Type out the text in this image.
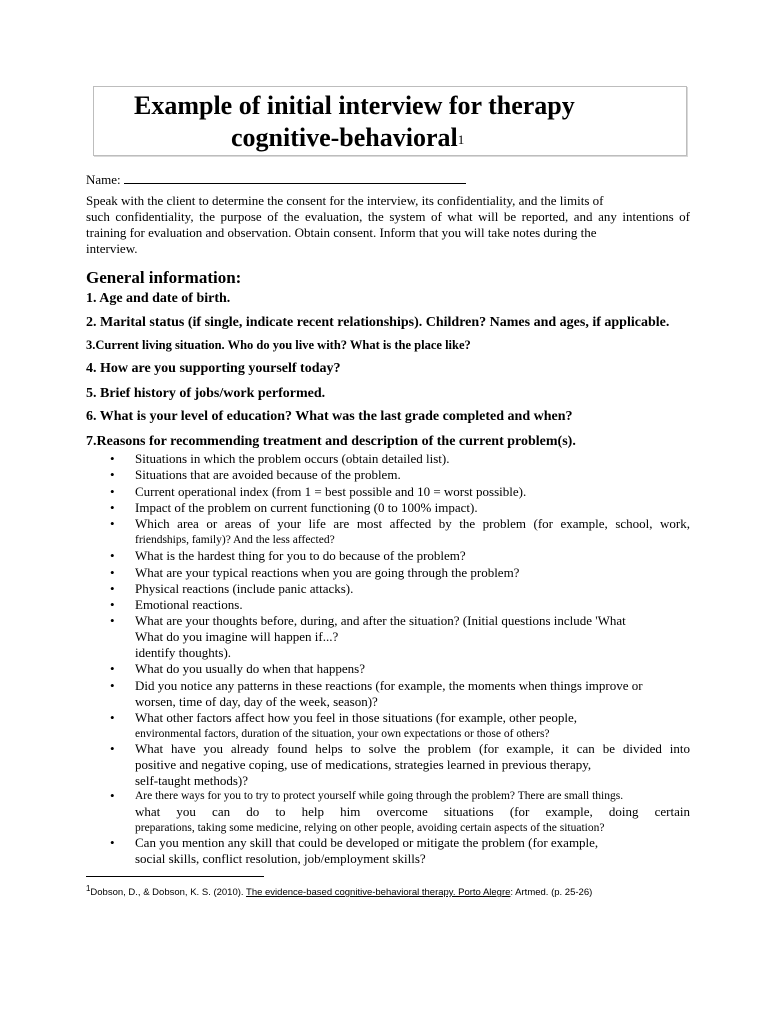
Example of initial interview for therapy
cognitive-behavioral$^1$
Name:
Speak with the client to determine the consent for the interview, its confidentiality, and the limits of
such confidentiality, the purpose of the evaluation, the system of what will be reported, and any intentions of
training for evaluation and observation. Obtain consent. Inform that you will take notes during the
interview.
General information:
1. Age and date of birth.
2. Marital status (if single, indicate recent relationships). Children? Names and ages, if applicable.
3.Current living situation. Who do you live with? What is the place like?
4. How are you supporting yourself today?
5. Brief history of jobs/work performed.
6. What is your level of education? What was the last grade completed and when?
7.Reasons for recommending treatment and description of the current problem(s).
• Situations in which the problem occurs (obtain detailed list).
• Situations that are avoided because of the problem.
• Current operational index (from 1 = best possible and 10 = worst possible).
• Impact of the problem on current functioning (0 to 100% impact).
• Which area or areas of your life are most affected by the problem (for example, school, work,
friendships, family)? And the less affected?
• What is the hardest thing for you to do because of the problem?
• What are your typical reactions when you are going through the problem?
• Physical reactions (include panic attacks).
• Emotional reactions.
• What are your thoughts before, during, and after the situation? (Initial questions include 'What
What do you imagine will happen if...?
identify thoughts).
• What do you usually do when that happens?
• Did you notice any patterns in these reactions (for example, the moments when things improve or
worsen, time of day, day of the week, season)?
• What other factors affect how you feel in those situations (for example, other people,
environmental factors, duration of the situation, your own expectations or those of others?
• What have you already found helps to solve the problem (for example, it can be divided into
positive and negative coping, use of medications, strategies learned in previous therapy,
self-taught methods)?
• Are there ways for you to try to protect yourself while going through the problem? There are small things.
what you can do to help him overcome situations (for example, doing certain
preparations, taking some medicine, relying on other people, avoiding certain aspects of the situation?
• Can you mention any skill that could be developed or mitigate the problem (for example,
social skills, conflict resolution, job/employment skills?
$^1$Dobson, D., & Dobson, K. S. (2010). The evidence-based cognitive-behavioral therapy. Porto Alegre: Artmed. (p. 25-26)
